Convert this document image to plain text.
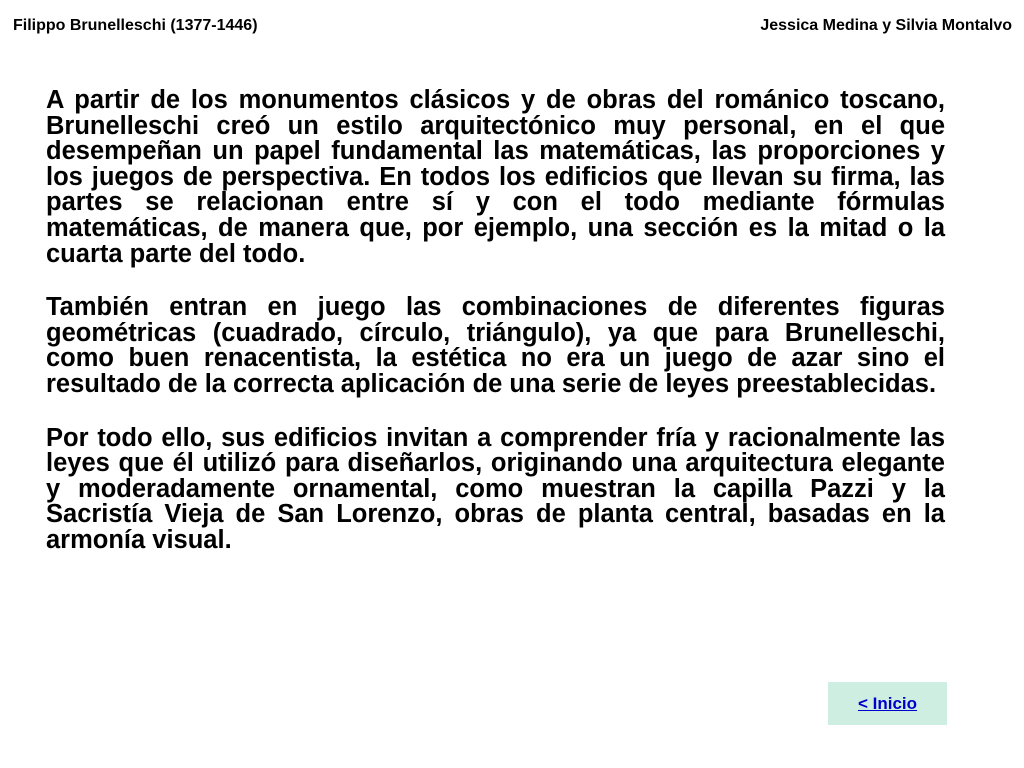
Filippo Brunelleschi (1377-1446)	Jessica Medina y Silvia Montalvo

A partir de los monumentos clásicos y de obras del románico toscano, Brunelleschi creó un estilo arquitectónico muy personal, en el que desempeñan un papel fundamental las matemáticas, las proporciones y los juegos de perspectiva. En todos los edificios que llevan su firma, las partes se relacionan entre sí y con el todo mediante fórmulas matemáticas, de manera que, por ejemplo, una sección es la mitad o la cuarta parte del todo.

También entran en juego las combinaciones de diferentes figuras geométricas (cuadrado, círculo, triángulo), ya que para Brunelleschi, como buen renacentista, la estética no era un juego de azar sino el resultado de la correcta aplicación de una serie de leyes preestablecidas.

Por todo ello, sus edificios invitan a comprender fría y racionalmente las leyes que él utilizó para diseñarlos, originando una arquitectura elegante y moderadamente ornamental, como muestran la capilla Pazzi y la Sacristía Vieja de San Lorenzo, obras de planta central, basadas en la armonía visual.

< Inicio
